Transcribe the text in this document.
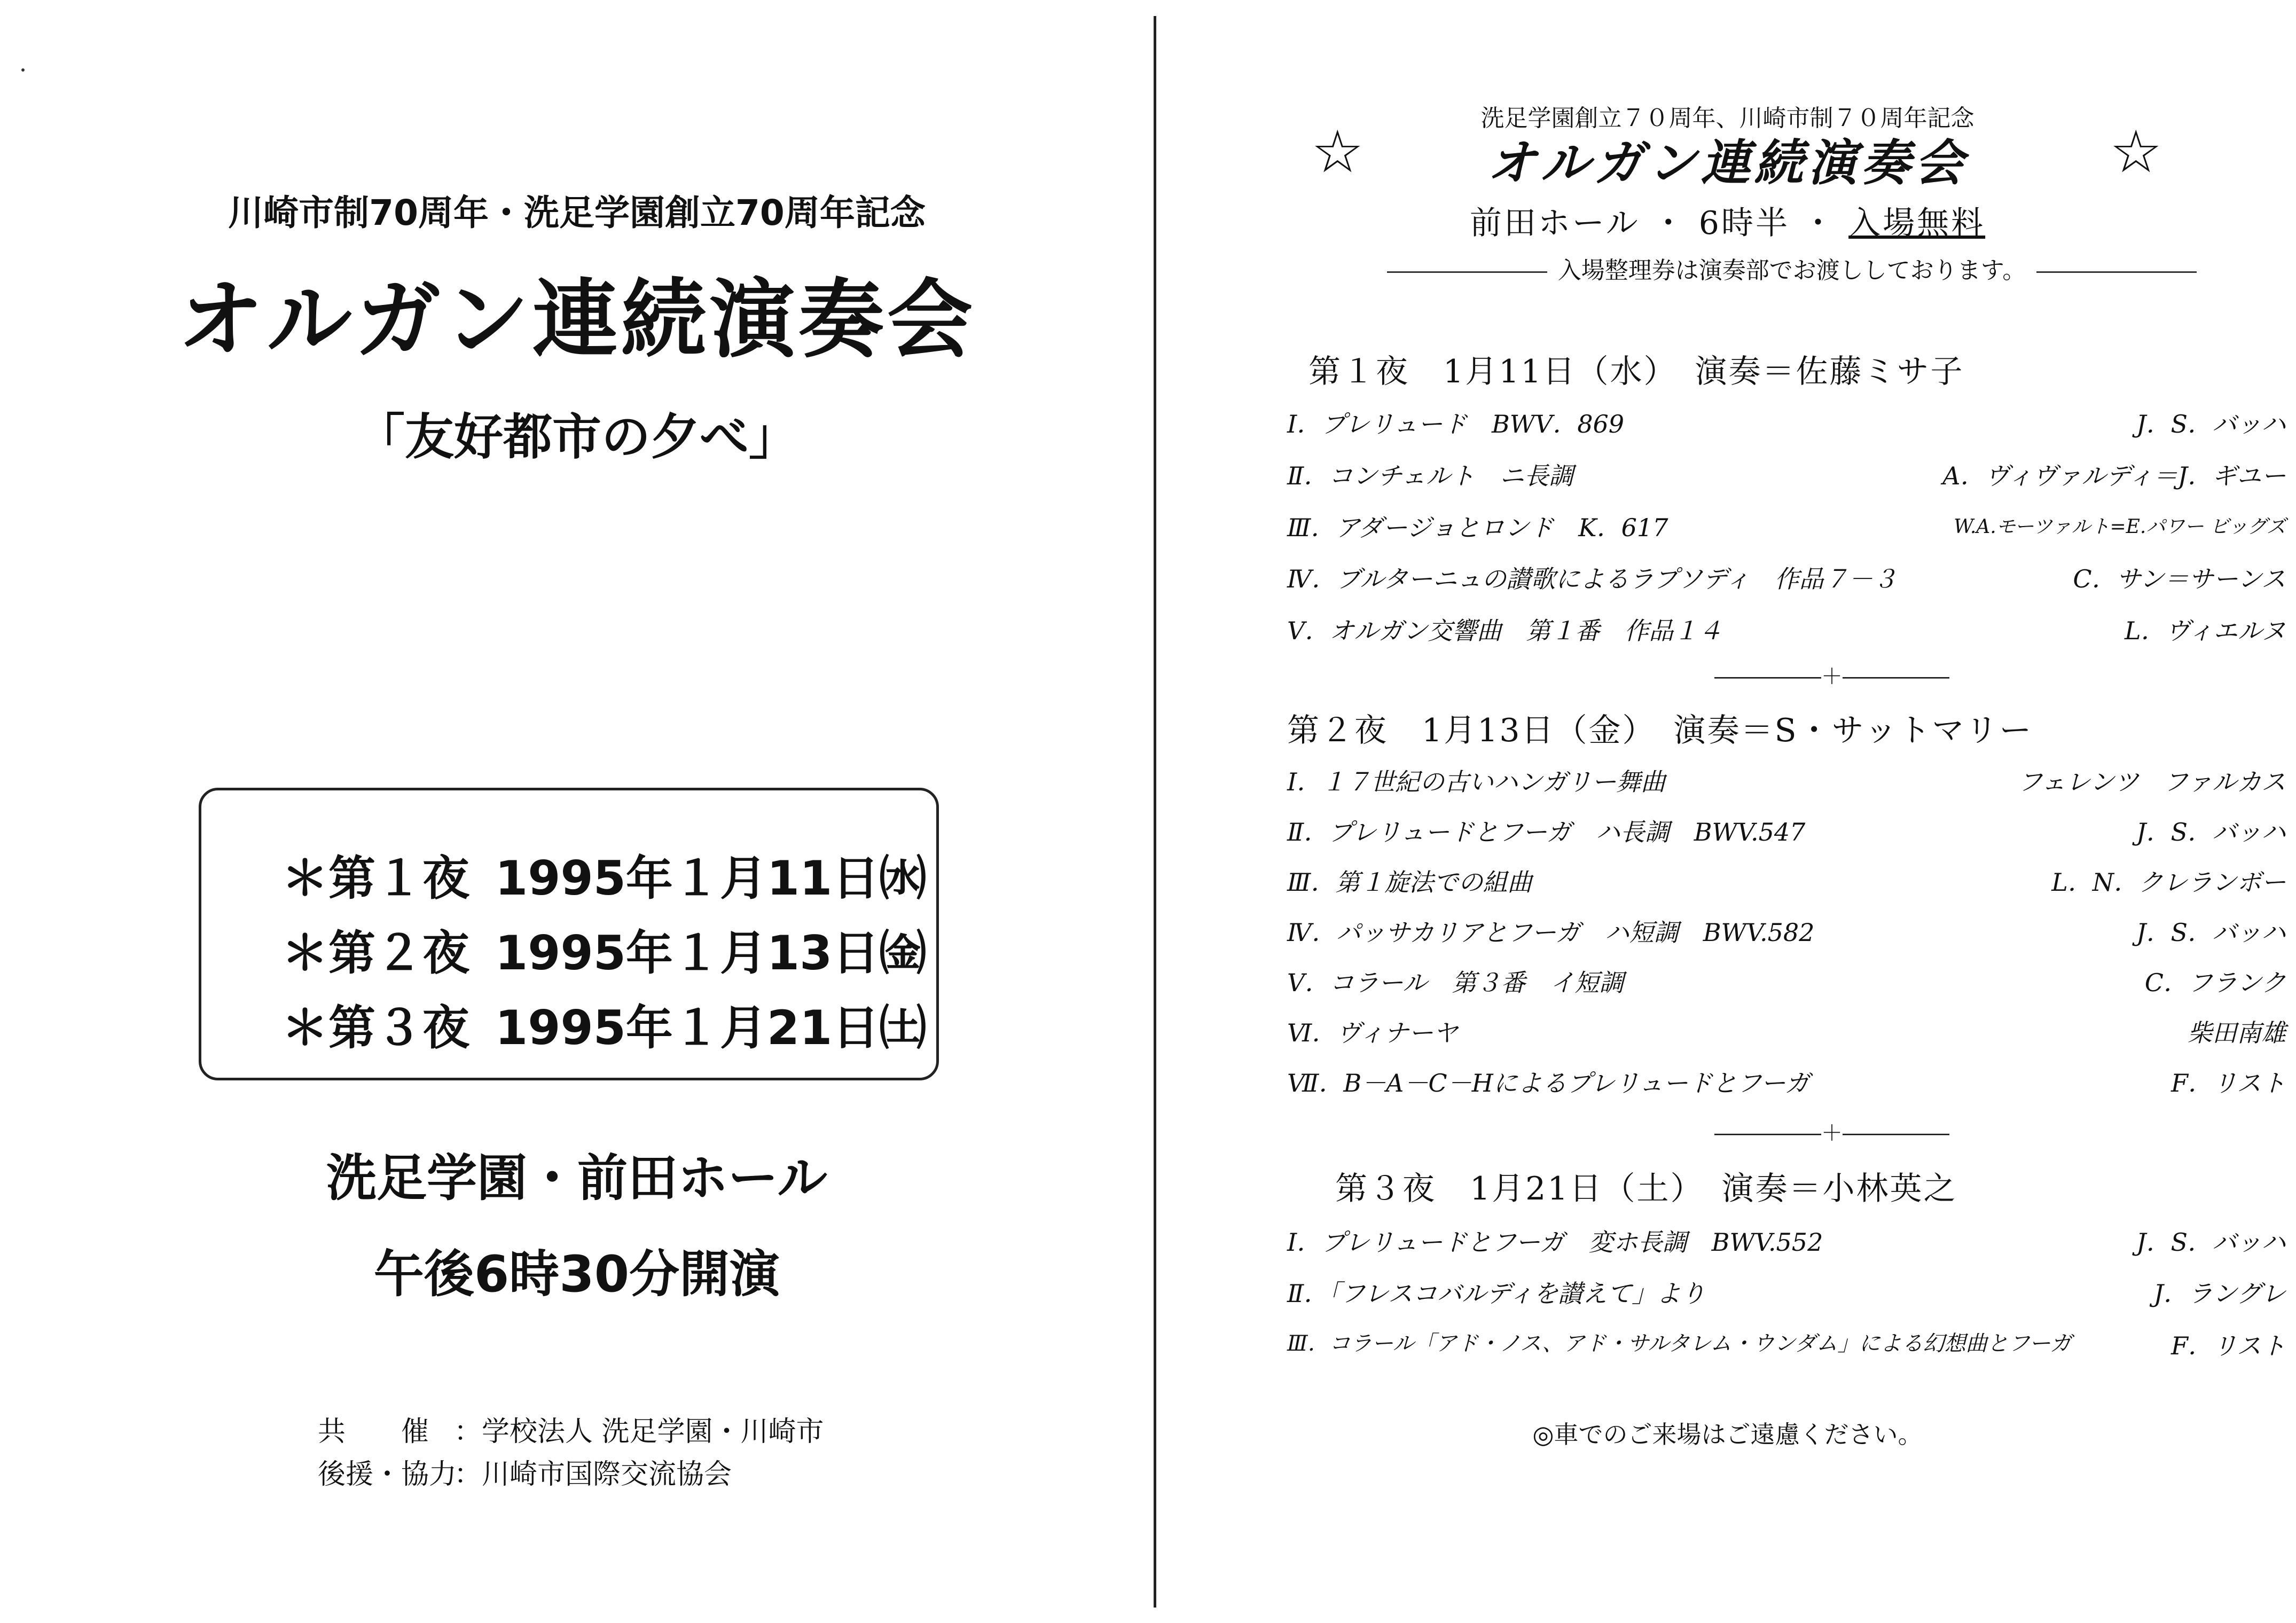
川崎市制70周年・洗足学園創立70周年記念
オルガン連続演奏会
「友好都市の夕べ」
＊第１夜 1995年１月11日㈬
＊第２夜 1995年１月13日㈮
＊第３夜 1995年１月21日㈯
洗足学園・前田ホール
午後6時30分開演
共　　催 ：学校法人 洗足学園・川崎市
後援・協力：川崎市国際交流協会
洗足学園創立７０周年、川崎市制７０周年記念
☆	オルガン連続演奏会	☆
前田ホール ・ 6時半 ・ 入場無料
入場整理券は演奏部でお渡ししております。
第１夜　1月11日（水）　演奏＝佐藤ミサ子
Ⅰ．プレリュード　BWV．869	J．S．バッハ
Ⅱ．コンチェルト　ニ長調	A．ヴィヴァルディ＝J．ギユー
Ⅲ．アダージョとロンド　K．617	W.A.モーツァルト=E.パワー ビッグズ
Ⅳ．ブルターニュの讃歌によるラプソディ　作品７－３	C．サン＝サーンス
Ⅴ．オルガン交響曲　第１番　作品１４	L．ヴィエルヌ
―――――＋―――――
第２夜　1月13日（金）　演奏＝S・サットマリー
Ⅰ．１７世紀の古いハンガリー舞曲	フェレンツ　ファルカス
Ⅱ．プレリュードとフーガ　ハ長調　BWV.547	J．S．バッハ
Ⅲ．第１旋法での組曲	L．N．クレランボー
Ⅳ．パッサカリアとフーガ　ハ短調　BWV.582	J．S．バッハ
Ⅴ．コラール　第３番　イ短調	C．フランク
Ⅵ．ヴィナーヤ	柴田南雄
Ⅶ．B－A－C－Hによるプレリュードとフーガ	F．リスト
―――――＋―――――
第３夜　1月21日（土）　演奏＝小林英之
Ⅰ．プレリュードとフーガ　変ホ長調　BWV.552	J．S．バッハ
Ⅱ．「フレスコバルディを讃えて」より	J．ラングレ
Ⅲ．コラール「アド・ノス、アド・サルタレム・ウンダム」による幻想曲とフーガ	F．リスト
◎車でのご来場はご遠慮ください。
